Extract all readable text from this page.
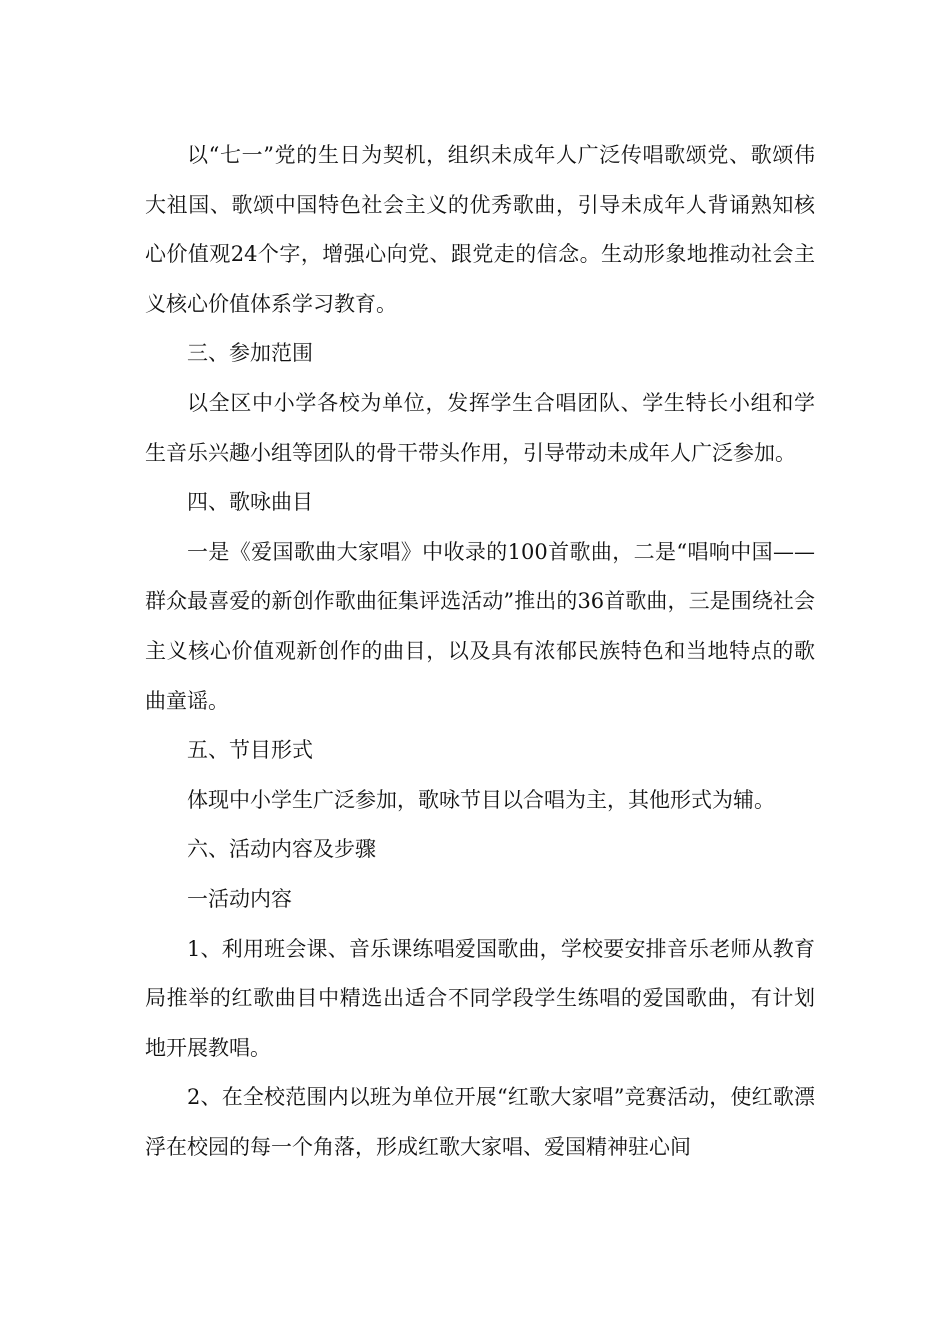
以“七一”党的生日为契机，组织未成年人广泛传唱歌颂党、歌颂伟大祖国、歌颂中国特色社会主义的优秀歌曲，引导未成年人背诵熟知核心价值观24个字，增强心向党、跟党走的信念。生动形象地推动社会主义核心价值体系学习教育。

三、参加范围

以全区中小学各校为单位，发挥学生合唱团队、学生特长小组和学生音乐兴趣小组等团队的骨干带头作用，引导带动未成年人广泛参加。

四、歌咏曲目

一是《爱国歌曲大家唱》中收录的100首歌曲，二是“唱响中国——群众最喜爱的新创作歌曲征集评选活动”推出的36首歌曲，三是围绕社会主义核心价值观新创作的曲目，以及具有浓郁民族特色和当地特点的歌曲童谣。

五、节目形式

体现中小学生广泛参加，歌咏节目以合唱为主，其他形式为辅。

六、活动内容及步骤

一活动内容

1、利用班会课、音乐课练唱爱国歌曲，学校要安排音乐老师从教育局推举的红歌曲目中精选出适合不同学段学生练唱的爱国歌曲，有计划地开展教唱。

2、在全校范围内以班为单位开展“红歌大家唱”竞赛活动，使红歌漂浮在校园的每一个角落，形成红歌大家唱、爱国精神驻心间
